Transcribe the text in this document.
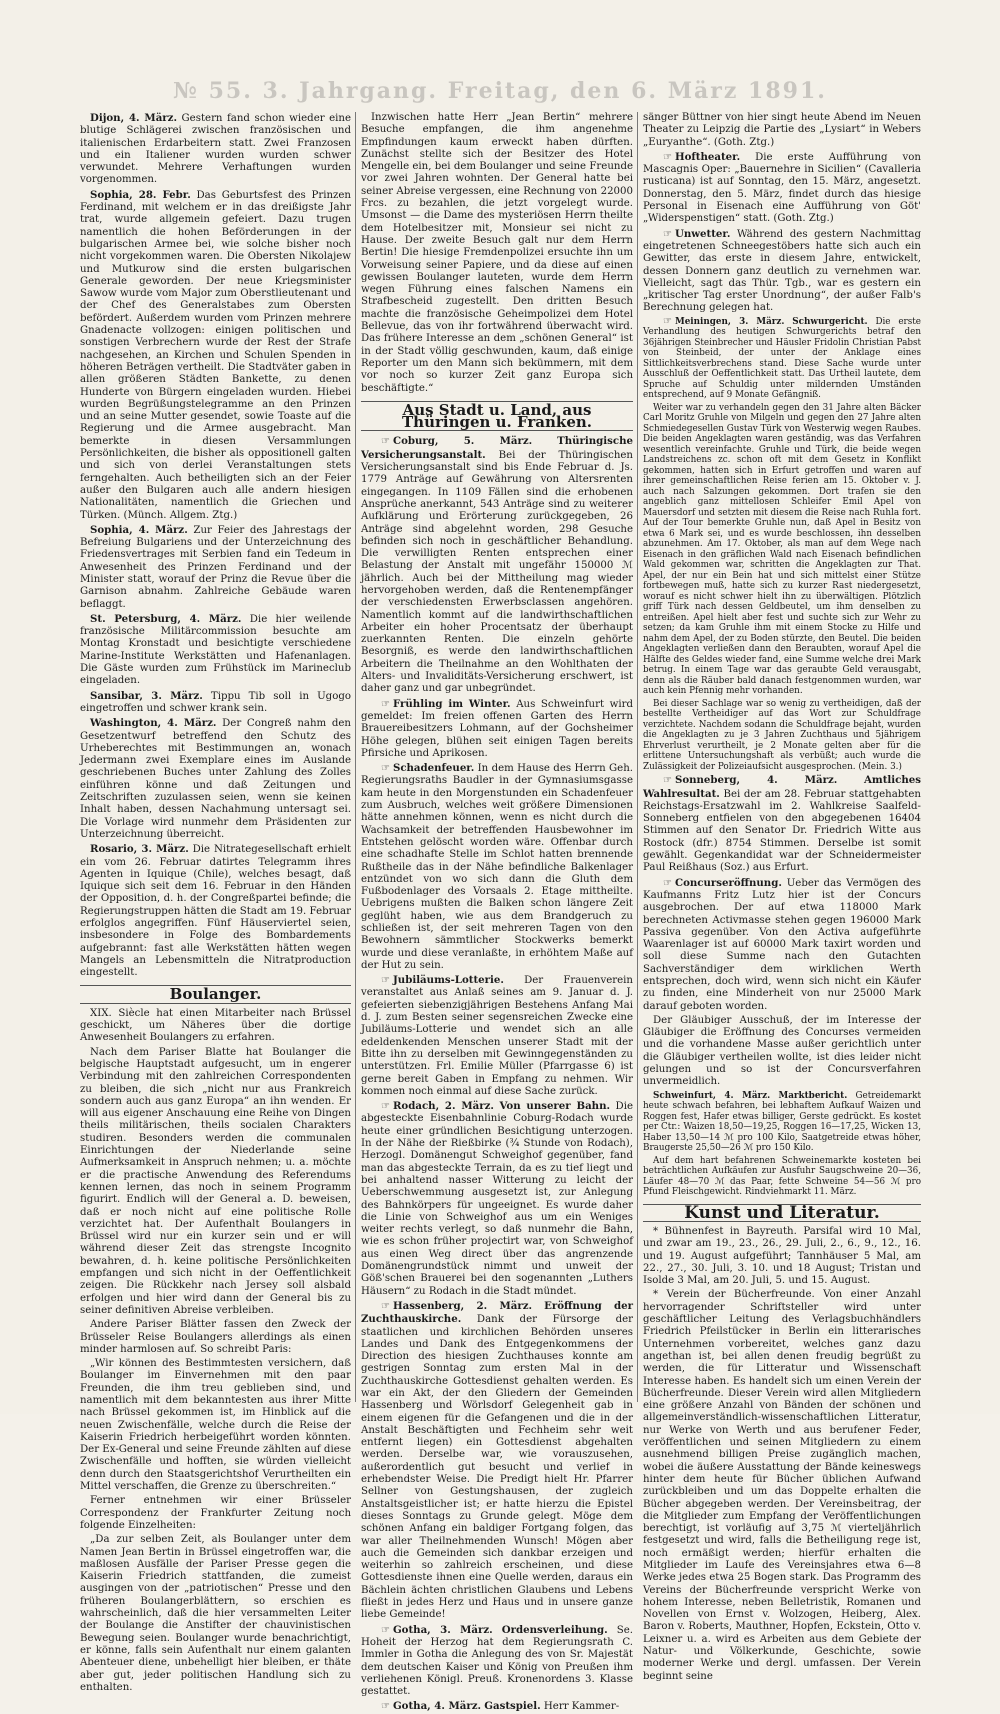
№ 55. 3. Jahrgang. Freitag, den 6. März 1891.

Dijon, 4. März. Gestern fand schon wieder eine blutige Schlägerei zwischen französischen und italienischen Erdarbeitern statt. Zwei Franzosen und ein Italiener wurden wurden schwer verwundet. Mehrere Verhaftungen wurden vorgenommen.

Sophia, 28. Febr. Das Geburtsfest des Prinzen Ferdinand, mit welchem er in das dreißigste Jahr trat, wurde allgemein gefeiert. Dazu trugen namentlich die hohen Beförderungen in der bulgarischen Armee bei, wie solche bisher noch nicht vorgekommen waren. Die Obersten Nikolajew und Mutkurow sind die ersten bulgarischen Generale geworden. Der neue Kriegsminister Sawow wurde vom Major zum Oberstlieutenant und der Chef des Generalstabes zum Obersten befördert. Außerdem wurden vom Prinzen mehrere Gnadenacte vollzogen: einigen politischen und sonstigen Verbrechern wurde der Rest der Strafe nachgesehen, an Kirchen und Schulen Spenden in höheren Beträgen vertheilt. Die Stadtväter gaben in allen größeren Städten Bankette, zu denen Hunderte von Bürgern eingeladen wurden. Hiebei wurden Begrüßungstelegramme an den Prinzen und an seine Mutter gesendet, sowie Toaste auf die Regierung und die Armee ausgebracht. Man bemerkte in diesen Versammlungen Persönlichkeiten, die bisher als oppositionell galten und sich von derlei Veranstaltungen stets ferngehalten. Auch betheiligten sich an der Feier außer den Bulgaren auch alle andern hiesigen Nationalitäten, namentlich die Griechen und Türken. (Münch. Allgem. Ztg.)

Sophia, 4. März. Zur Feier des Jahrestags der Befreiung Bulgariens und der Unterzeichnung des Friedensvertrages mit Serbien fand ein Tedeum in Anwesenheit des Prinzen Ferdinand und der Minister statt, worauf der Prinz die Revue über die Garnison abnahm. Zahlreiche Gebäude waren beflaggt.

St. Petersburg, 4. März. Die hier weilende französische Militärcommission besuchte am Montag Kronstadt und besichtigte verschiedene Marine-Institute Werkstätten und Hafenanlagen. Die Gäste wurden zum Frühstück im Marineclub eingeladen.

Sansibar, 3. März. Tippu Tib soll in Ugogo eingetroffen und schwer krank sein.

Washington, 4. März. Der Congreß nahm den Gesetzentwurf betreffend den Schutz des Urheberechtes mit Bestimmungen an, wonach Jedermann zwei Exemplare eines im Auslande geschriebenen Buches unter Zahlung des Zolles einführen könne und daß Zeitungen und Zeitschriften zuzulassen seien, wenn sie keinen Inhalt haben, dessen Nachahmung untersagt sei. Die Vorlage wird nunmehr dem Präsidenten zur Unterzeichnung überreicht.

Rosario, 3. März. Die Nitrategesellschaft erhielt ein vom 26. Februar datirtes Telegramm ihres Agenten in Iquique (Chile), welches besagt, daß Iquique sich seit dem 16. Februar in den Händen der Opposition, d. h. der Congreßpartei befinde; die Regierungstruppen hätten die Stadt am 19. Februar erfolglos angegriffen. Fünf Häuserviertel seien, insbesondere in Folge des Bombardements aufgebrannt: fast alle Werkstätten hätten wegen Mangels an Lebensmitteln die Nitratproduction eingestellt.

Boulanger.

XIX. Siècle hat einen Mitarbeiter nach Brüssel geschickt, um Näheres über die dortige Anwesenheit Boulangers zu erfahren.

Nach dem Pariser Blatte hat Boulanger die belgische Hauptstadt aufgesucht, um in engerer Verbindung mit den zahlreichen Correspondenten zu bleiben, die sich „nicht nur aus Frankreich sondern auch aus ganz Europa“ an ihn wenden. Er will aus eigener Anschauung eine Reihe von Dingen theils militärischen, theils socialen Charakters studiren. Besonders werden die communalen Einrichtungen der Niederlande seine Aufmerksamkeit in Anspruch nehmen; u. a. möchte er die practische Anwendung des Referendums kennen lernen, das noch in seinem Programm figurirt. Endlich will der General a. D. beweisen, daß er noch nicht auf eine politische Rolle verzichtet hat. Der Aufenthalt Boulangers in Brüssel wird nur ein kurzer sein und er will während dieser Zeit das strengste Incognito bewahren, d. h. keine politische Persönlichkeiten empfangen und sich nicht in der Oeffentlichkeit zeigen. Die Rückkehr nach Jersey soll alsbald erfolgen und hier wird dann der General bis zu seiner definitiven Abreise verbleiben.

Andere Pariser Blätter fassen den Zweck der Brüsseler Reise Boulangers allerdings als einen minder harmlosen auf. So schreibt Paris:

„Wir können des Bestimmtesten versichern, daß Boulanger im Einvernehmen mit den paar Freunden, die ihm treu geblieben sind, und namentlich mit dem bekanntesten aus ihrer Mitte nach Brüssel gekommen ist, im Hinblick auf die neuen Zwischenfälle, welche durch die Reise der Kaiserin Friedrich herbeigeführt worden könnten. Der Ex-General und seine Freunde zählten auf diese Zwischenfälle und hofften, sie würden vielleicht denn durch den Staatsgerichtshof Verurtheilten ein Mittel verschaffen, die Grenze zu überschreiten.“

Ferner entnehmen wir einer Brüsseler Correspondenz der Frankfurter Zeitung noch folgende Einzelheiten:

„Da zur selben Zeit, als Boulanger unter dem Namen Jean Bertin in Brüssel eingetroffen war, die maßlosen Ausfälle der Pariser Presse gegen die Kaiserin Friedrich stattfanden, die zumeist ausgingen von der „patriotischen“ Presse und den früheren Boulangerblättern, so erschien es wahrscheinlich, daß die hier versammelten Leiter der Boulange die Anstifter der chauvinistischen Bewegung seien. Boulanger wurde benachrichtigt, er könne, falls sein Aufenthalt nur einem galanten Abenteuer diene, unbehelligt hier bleiben, er thäte aber gut, jeder politischen Handlung sich zu enthalten.

Inzwischen hatte Herr „Jean Bertin“ mehrere Besuche empfangen, die ihm angenehme Empfindungen kaum erweckt haben dürften. Zunächst stellte sich der Besitzer des Hotel Mengelle ein, bei dem Boulanger und seine Freunde vor zwei Jahren wohnten. Der General hatte bei seiner Abreise vergessen, eine Rechnung von 22000 Frcs. zu bezahlen, die jetzt vorgelegt wurde. Umsonst — die Dame des mysteriösen Herrn theilte dem Hotelbesitzer mit, Monsieur sei nicht zu Hause. Der zweite Besuch galt nur dem Herrn Bertin! Die hiesige Fremdenpolizei ersuchte ihn um Vorweisung seiner Papiere, und da diese auf einen gewissen Boulanger lauteten, wurde dem Herrn wegen Führung eines falschen Namens ein Strafbescheid zugestellt. Den dritten Besuch machte die französische Geheimpolizei dem Hotel Bellevue, das von ihr fortwährend überwacht wird. Das frühere Interesse an dem „schönen General“ ist in der Stadt völlig geschwunden, kaum, daß einige Reporter um den Mann sich bekümmern, mit dem vor noch so kurzer Zeit ganz Europa sich beschäftigte.“

Aus Stadt u. Land, aus Thüringen u. Franken.

☞ Coburg, 5. März. Thüringische Versicherungsanstalt. Bei der Thüringischen Versicherungsanstalt sind bis Ende Februar d. Js. 1779 Anträge auf Gewährung von Altersrenten eingegangen. In 1109 Fällen sind die erhobenen Ansprüche anerkannt, 543 Anträge sind zu weiterer Aufklärung und Erörterung zurückgegeben, 26 Anträge sind abgelehnt worden, 298 Gesuche befinden sich noch in geschäftlicher Behandlung. Die verwilligten Renten entsprechen einer Belastung der Anstalt mit ungefähr 150000 ℳ jährlich. Auch bei der Mittheilung mag wieder hervorgehoben werden, daß die Rentenempfänger der verschiedensten Erwerbsclassen angehören. Namentlich kommt auf die landwirthschaftlichen Arbeiter ein hoher Procentsatz der überhaupt zuerkannten Renten. Die einzeln gehörte Besorgniß, es werde den landwirthschaftlichen Arbeitern die Theilnahme an den Wohlthaten der Alters- und Invaliditäts-Versicherung erschwert, ist daher ganz und gar unbegründet.

☞ Frühling im Winter. Aus Schweinfurt wird gemeldet: Im freien offenen Garten des Herrn Brauereibesitzers Lohmann, auf der Gochsheimer Höhe gelegen, blühen seit einigen Tagen bereits Pfirsiche und Aprikosen.

☞ Schadenfeuer. In dem Hause des Herrn Geh. Regierungsraths Baudler in der Gymnasiumsgasse kam heute in den Morgenstunden ein Schadenfeuer zum Ausbruch, welches weit größere Dimensionen hätte annehmen können, wenn es nicht durch die Wachsamkeit der betreffenden Hausbewohner im Entstehen gelöscht worden wäre. Offenbar durch eine schadhafte Stelle im Schlot hatten brennende Rußtheile das in der Nähe befindliche Balkenlager entzündet von wo sich dann die Gluth dem Fußbodenlager des Vorsaals 2. Etage mittheilte. Uebrigens mußten die Balken schon längere Zeit geglüht haben, wie aus dem Brandgeruch zu schließen ist, der seit mehreren Tagen von den Bewohnern sämmtlicher Stockwerks bemerkt wurde und diese veranlaßte, in erhöhtem Maße auf der Hut zu sein.

☞ Jubiläums-Lotterie. Der Frauenverein veranstaltet aus Anlaß seines am 9. Januar d. J. gefeierten siebenzigjährigen Bestehens Anfang Mai d. J. zum Besten seiner segensreichen Zwecke eine Jubiläums-Lotterie und wendet sich an alle edeldenkenden Menschen unserer Stadt mit der Bitte ihn zu derselben mit Gewinngegenständen zu unterstützen. Frl. Emilie Müller (Pfarrgasse 6) ist gerne bereit Gaben in Empfang zu nehmen. Wir kommen noch einmal auf diese Sache zurück.

☞ Rodach, 2. März. Von unserer Bahn. Die abgesteckte Eisenbahnlinie Coburg-Rodach wurde heute einer gründlichen Besichtigung unterzogen. In der Nähe der Rießbirke (¾ Stunde von Rodach), Herzogl. Domänengut Schweighof gegenüber, fand man das abgesteckte Terrain, da es zu tief liegt und bei anhaltend nasser Witterung zu leicht der Ueberschwemmung ausgesetzt ist, zur Anlegung des Bahnkörpers für ungeeignet. Es wurde daher die Linie von Schweighof aus um ein Weniges weiter rechts verlegt, so daß nunmehr die Bahn, wie es schon früher projectirt war, von Schweighof aus einen Weg direct über das angrenzende Domänengrundstück nimmt und unweit der Göß'schen Brauerei bei den sogenannten „Luthers Häusern“ zu Rodach in die Stadt mündet.

☞ Hassenberg, 2. März. Eröffnung der Zuchthauskirche. Dank der Fürsorge der staatlichen und kirchlichen Behörden unseres Landes und Dank des Entgegenkommens der Direction des hiesigen Zuchthauses konnte am gestrigen Sonntag zum ersten Mal in der Zuchthauskirche Gottesdienst gehalten werden. Es war ein Akt, der den Gliedern der Gemeinden Hassenberg und Wörlsdorf Gelegenheit gab in einem eigenen für die Gefangenen und die in der Anstalt Beschäftigten und Fechheim sehr weit entfernt liegen) ein Gottesdienst abgehalten werden. Derselbe war, wie vorauszusehen, außerordentlich gut besucht und verlief in erhebendster Weise. Die Predigt hielt Hr. Pfarrer Sellner von Gestungshausen, der zugleich Anstaltsgeistlicher ist; er hatte hierzu die Epistel dieses Sonntags zu Grunde gelegt. Möge dem schönen Anfang ein baldiger Fortgang folgen, das war aller Theilnehmenden Wunsch! Mögen aber auch die Gemeinden sich dankbar erzeigen und weiterhin so zahlreich erscheinen, und diese Gottesdienste ihnen eine Quelle werden, daraus ein Bächlein ächten christlichen Glaubens und Lebens fließt in jedes Herz und Haus und in unsere ganze liebe Gemeinde!

☞ Gotha, 3. März. Ordensverleihung. Se. Hoheit der Herzog hat dem Regierungsrath C. Immler in Gotha die Anlegung des von Sr. Majestät dem deutschen Kaiser und König von Preußen ihm verliehenen Königl. Preuß. Kronenordens 3. Klasse gestattet.

☞ Gotha, 4. März. Gastspiel. Herr Kammer-

sänger Büttner von hier singt heute Abend im Neuen Theater zu Leipzig die Partie des „Lysiart“ in Webers „Euryanthe“. (Goth. Ztg.)

☞ Hoftheater. Die erste Aufführung von Mascagnis Oper: „Bauernehre in Sicilien“ (Cavalleria rusticana) ist auf Sonntag, den 15. März, angesetzt. Donnerstag, den 5. März, findet durch das hiesige Personal in Eisenach eine Aufführung von Göt' „Widerspenstigen“ statt. (Goth. Ztg.)

☞ Unwetter. Während des gestern Nachmittag eingetretenen Schneegestöbers hatte sich auch ein Gewitter, das erste in diesem Jahre, entwickelt, dessen Donnern ganz deutlich zu vernehmen war. Vielleicht, sagt das Thür. Tgb., war es gestern ein „kritischer Tag erster Unordnung“, der außer Falb's Berechnung gelegen hat.

☞ Meiningen, 3. März. Schwurgericht. Die erste Verhandlung des heutigen Schwurgerichts betraf den 36jährigen Steinbrecher und Häusler Fridolin Christian Pabst von Steinbeid, der unter der Anklage eines Sittlichkeitsverbrechens stand. Diese Sache wurde unter Ausschluß der Oeffentlichkeit statt. Das Urtheil lautete, dem Spruche auf Schuldig unter mildernden Umständen entsprechend, auf 9 Monate Gefängniß.

Weiter war zu verhandeln gegen den 31 Jahre alten Bäcker Carl Moritz Gruhle von Milgeln und gegen den 27 Jahre alten Schmiedegesellen Gustav Türk von Westerwig wegen Raubes. Die beiden Angeklagten waren geständig, was das Verfahren wesentlich vereinfachte. Gruhle und Türk, die beide wegen Landstreichens zc. schon oft mit dem Gesetz in Konflikt gekommen, hatten sich in Erfurt getroffen und waren auf ihrer gemeinschaftlichen Reise ferien am 15. Oktober v. J. auch nach Salzungen gekommen. Dort trafen sie den angeblich ganz mittellosen Schleifer Emil Apel von Mauersdorf und setzten mit diesem die Reise nach Ruhla fort. Auf der Tour bemerkte Gruhle nun, daß Apel in Besitz von etwa 6 Mark sei, und es wurde beschlossen, ihn desselben abzunehmen. Am 17. Oktober, als man auf dem Wege nach Eisenach in den gräflichen Wald nach Eisenach befindlichen Wald gekommen war, schritten die Angeklagten zur That. Apel, der nur ein Bein hat und sich mittelst einer Stütze fortbewegen muß, hatte sich zu kurzer Rast niedergesetzt, worauf es nicht schwer hielt ihn zu überwältigen. Plötzlich griff Türk nach dessen Geldbeutel, um ihm denselben zu entreißen. Apel hielt aber fest und suchte sich zur Wehr zu setzen; da kam Gruhle ihm mit einem Stocke zu Hilfe und nahm dem Apel, der zu Boden stürzte, den Beutel. Die beiden Angeklagten verließen dann den Beraubten, worauf Apel die Hälfte des Geldes wieder fand, eine Summe welche drei Mark betrug. In einem Tage war das geraubte Geld verausgabt, denn als die Räuber bald danach festgenommen wurden, war auch kein Pfennig mehr vorhanden.

Bei dieser Sachlage war so wenig zu vertheidigen, daß der bestellte Vertheidiger auf das Wort zur Schuldfrage verzichtete. Nachdem sodann die Schuldfrage bejaht, wurden die Angeklagten zu je 3 Jahren Zuchthaus und 5jährigem Ehrverlust verurtheilt, je 2 Monate gelten aber für die erlittene Untersuchungshaft als verbüßt; auch wurde die Zulässigkeit der Polizeiaufsicht ausgesprochen. (Mein. 3.)

☞ Sonneberg, 4. März.	Amtliches Wahlresultat. Bei der am 28. Februar stattgehabten Reichstags-Ersatzwahl im 2. Wahlkreise Saalfeld-Sonneberg entfielen von den abgegebenen 16404 Stimmen auf den Senator Dr. Friedrich Witte aus Rostock (dfr.) 8754 Stimmen. Derselbe ist somit gewählt. Gegenkandidat war der Schneidermeister Paul Reißhaus (Soz.) aus Erfurt.

☞ Concurseröffnung. Ueber das Vermögen des Kaufmanns Fritz Lutz hier ist der Concurs ausgebrochen. Der auf etwa 118000 Mark berechneten Activmasse stehen gegen 196000 Mark Passiva gegenüber. Von den Activa aufgeführte Waarenlager ist auf 60000 Mark taxirt worden und soll diese Summe nach den Gutachten Sachverständiger dem wirklichen Werth entsprechen, doch wird, wenn sich nicht ein Käufer zu finden, eine Minderheit von nur 25000 Mark darauf geboten worden.

Der Gläubiger Ausschuß, der im Interesse der Gläubiger die Eröffnung des Concurses vermeiden und die vorhandene Masse außer gerichtlich unter die Gläubiger vertheilen wollte, ist dies leider nicht gelungen und so ist der Concursverfahren unvermeidlich.

Schweinfurt, 4. März. Marktbericht. Getreidemarkt heute schwach befahren, bei lebhaftem Aufkauf Waizen und Roggen fest, Hafer etwas billiger, Gerste gedrückt. Es kostet per Ctr.: Waizen 18,50—19,25, Roggen 16—17,25, Wicken 13, Haber 13,50—14 ℳ pro 100 Kilo, Saatgetreide etwas höher, Braugerste 25,50—26 ℳ pro 150 Kilo.

Auf dem hart befahrenen Schweinemarkte kosteten bei beträchtlichen Aufkäufen zur Ausfuhr Saugschweine 20—36, Läufer 48—70 ℳ das Paar, fette Schweine 54—56 ℳ pro Pfund Fleischgewicht. Rindviehmarkt 11. März.

Kunst und Literatur.

* Bühnenfest in Bayreuth. Parsifal wird 10 Mal, und zwar am 19., 23., 26., 29. Juli, 2., 6., 9., 12., 16. und 19. August aufgeführt; Tannhäuser 5 Mal, am 22., 27., 30. Juli, 3. 10. und 18 August; Tristan und Isolde 3 Mal, am 20. Juli, 5. und 15. August.

* Verein der Bücherfreunde. Von einer Anzahl hervorragender Schriftsteller wird unter geschäftlicher Leitung des Verlagsbuchhändlers Friedrich Pfeilstücker in Berlin ein litterarisches Unternehmen vorbereitet, welches ganz dazu angethan ist, bei allen denen freudig begrüßt zu werden, die für Litteratur und Wissenschaft Interesse haben. Es handelt sich um einen Verein der Bücherfreunde. Dieser Verein wird allen Mitgliedern eine größere Anzahl von Bänden der schönen und allgemeinverständlich-wissenschaftlichen Litteratur, nur Werke von Werth und aus berufener Feder, veröffentlichen und seinen Mitgliedern zu einem ausnehmend billigen Preise zugänglich machen, wobei die äußere Ausstattung der Bände keineswegs hinter dem heute für Bücher üblichen Aufwand zurückbleiben und um das Doppelte erhalten die Bücher abgegeben werden. Der Vereinsbeitrag, der die Mitglieder zum Empfang der Veröffentlichungen berechtigt, ist vorläufig auf 3,75 ℳ vierteljährlich festgesetzt und wird, falls die Betheiligung rege ist, noch ermäßigt werden; hierfür erhalten die Mitglieder im Laufe des Vereinsjahres etwa 6—8 Werke jedes etwa 25 Bogen stark. Das Programm des Vereins der Bücherfreunde verspricht Werke von hohem Interesse, neben Belletristik, Romanen und Novellen von Ernst v. Wolzogen, Heiberg, Alex. Baron v. Roberts, Mauthner, Hopfen, Eckstein, Otto v. Leixner u. a. wird es Arbeiten aus dem Gebiete der Natur- und Völkerkunde, Geschichte, sowie moderner Werke und dergl. umfassen. Der Verein beginnt seine
